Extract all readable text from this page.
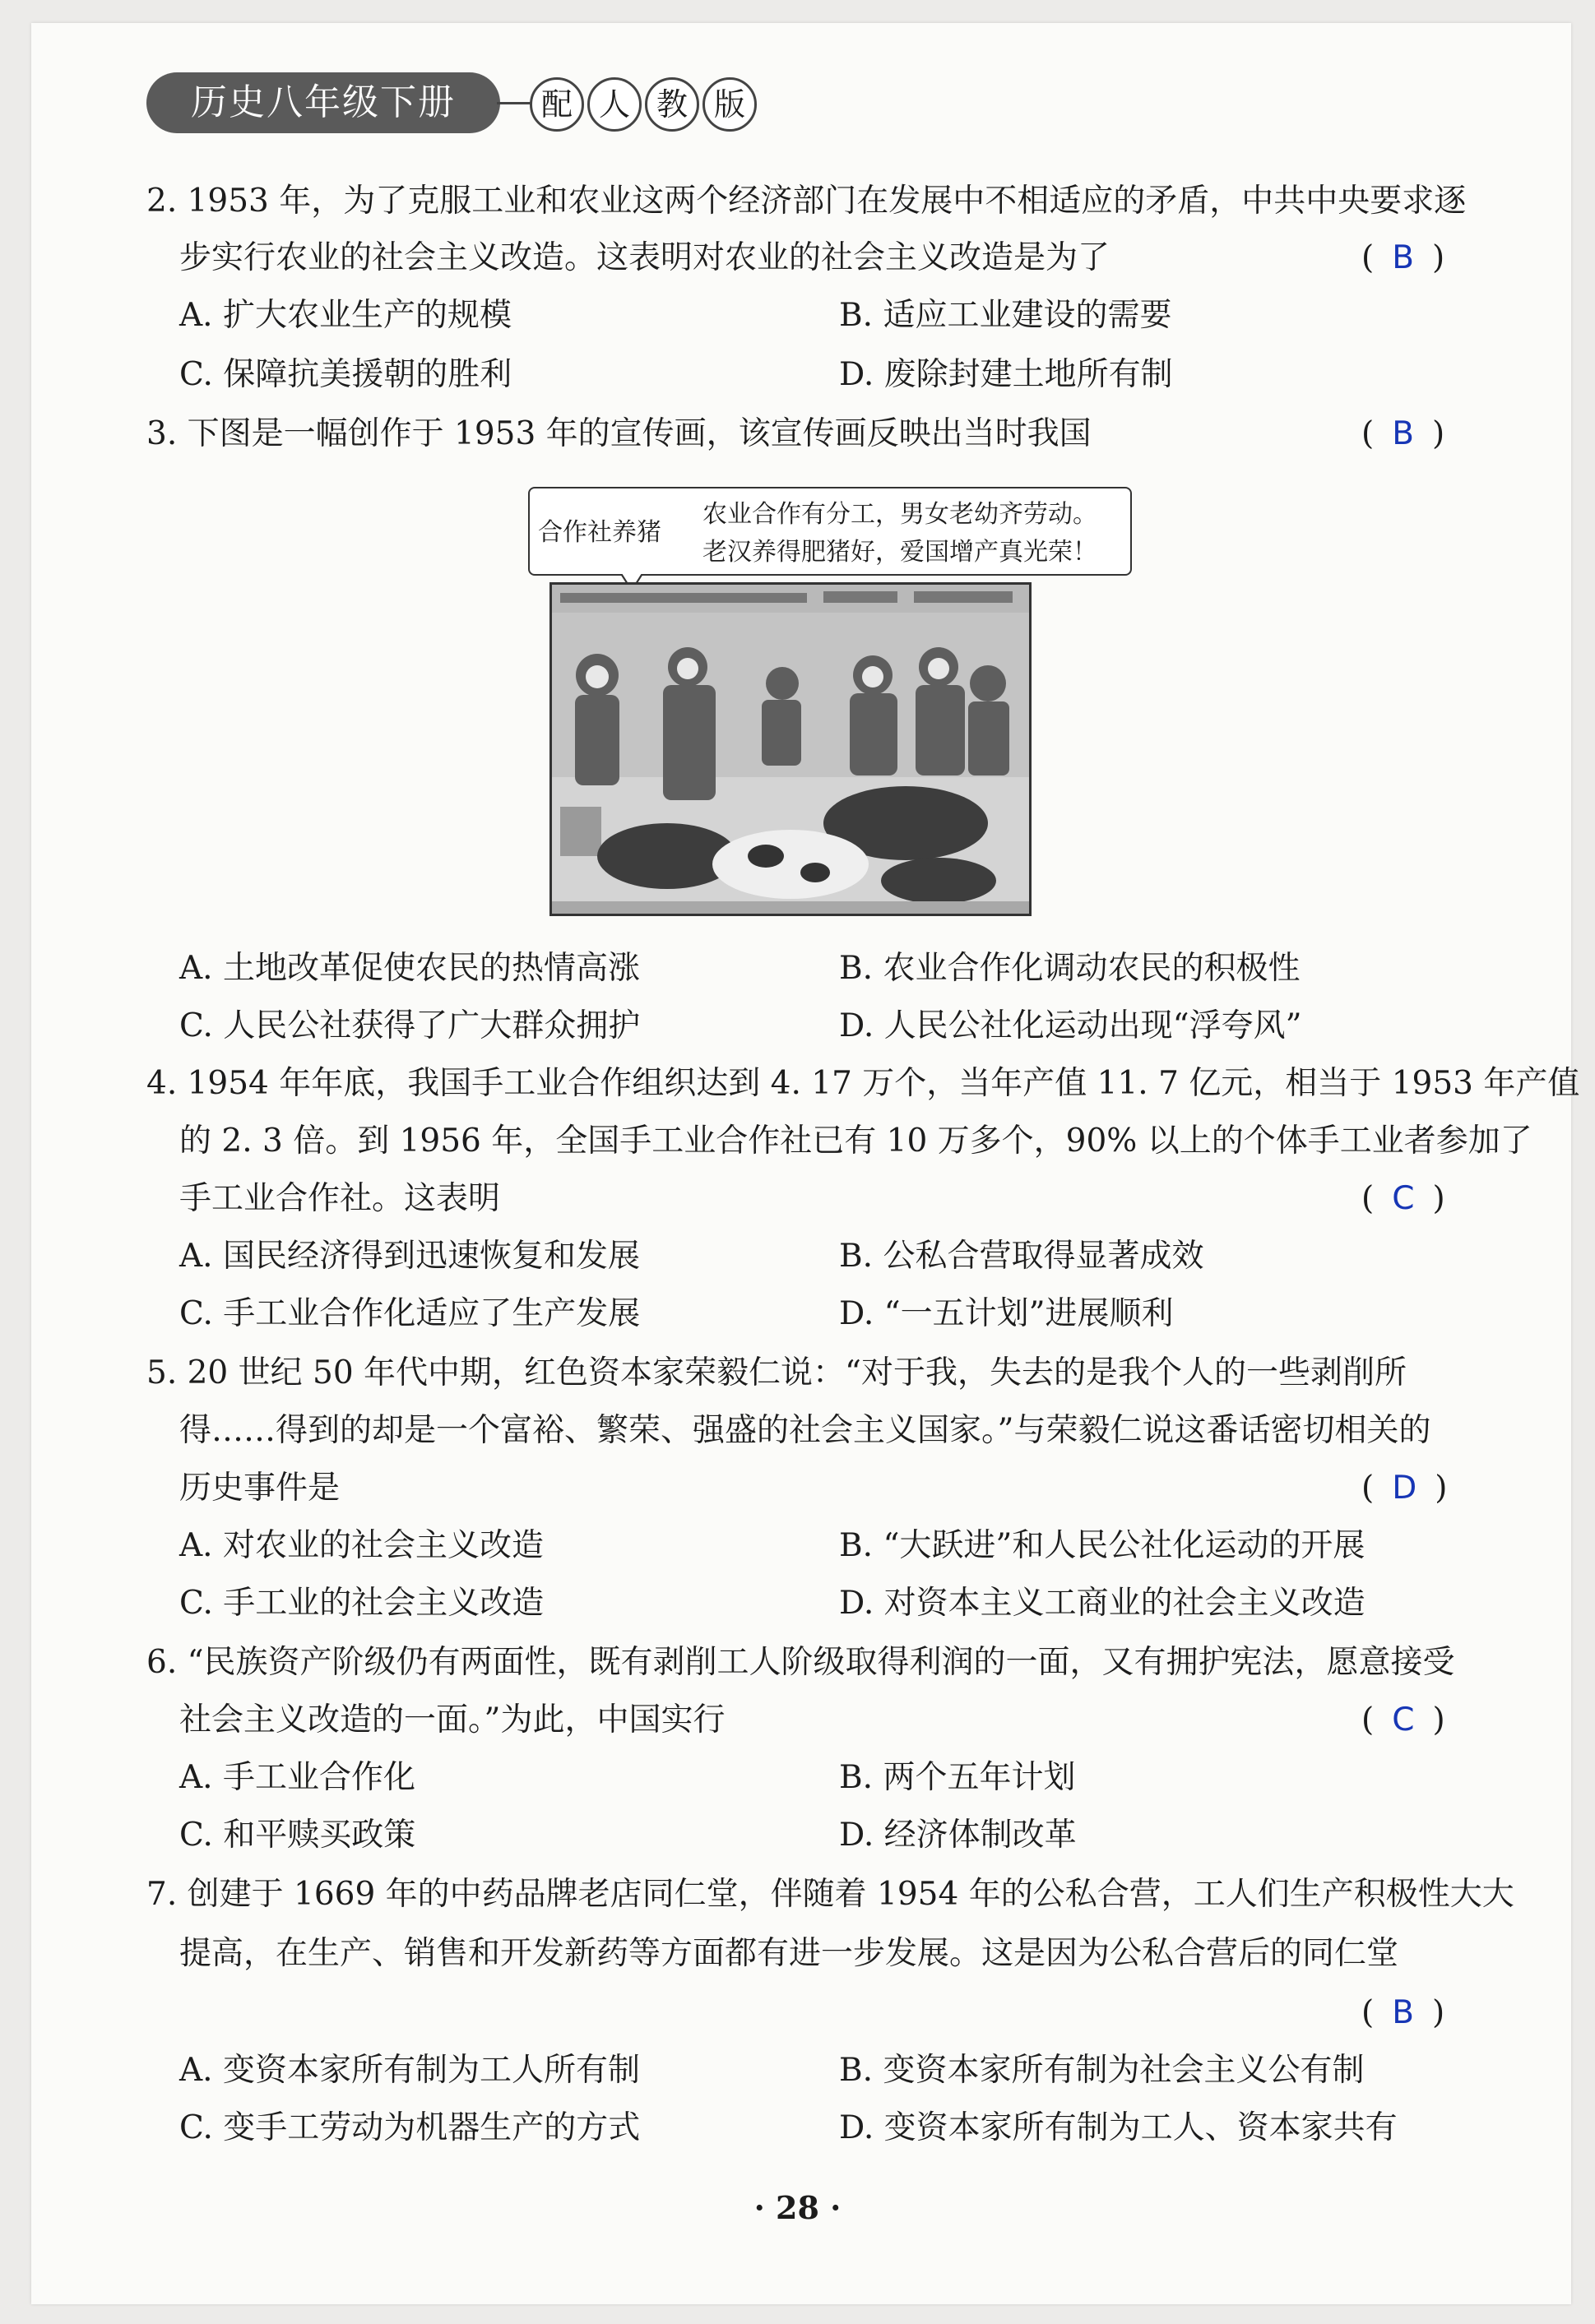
历史八年级下册	配 人 教 版
2. 1953 年，为了克服工业和农业这两个经济部门在发展中不相适应的矛盾，中共中央要求逐
步实行农业的社会主义改造。这表明对农业的社会主义改造是为了	( B )
A. 扩大农业生产的规模	B. 适应工业建设的需要
C. 保障抗美援朝的胜利	D. 废除封建土地所有制
3. 下图是一幅创作于 1953 年的宣传画，该宣传画反映出当时我国	( B )
合作社养猪
农业合作有分工，男女老幼齐劳动。
老汉养得肥猪好，爱国增产真光荣！
A. 土地改革促使农民的热情高涨	B. 农业合作化调动农民的积极性
C. 人民公社获得了广大群众拥护	D. 人民公社化运动出现“浮夸风”
4. 1954 年年底，我国手工业合作组织达到 4. 17 万个，当年产值 11. 7 亿元，相当于 1953 年产值
的 2. 3 倍。到 1956 年，全国手工业合作社已有 10 万多个，90% 以上的个体手工业者参加了
手工业合作社。这表明	( C )
A. 国民经济得到迅速恢复和发展	B. 公私合营取得显著成效
C. 手工业合作化适应了生产发展	D. “一五计划”进展顺利
5. 20 世纪 50 年代中期，红色资本家荣毅仁说：“对于我，失去的是我个人的一些剥削所
得……得到的却是一个富裕、繁荣、强盛的社会主义国家。”与荣毅仁说这番话密切相关的
历史事件是	( D )
A. 对农业的社会主义改造	B. “大跃进”和人民公社化运动的开展
C. 手工业的社会主义改造	D. 对资本主义工商业的社会主义改造
6. “民族资产阶级仍有两面性，既有剥削工人阶级取得利润的一面，又有拥护宪法，愿意接受
社会主义改造的一面。”为此，中国实行	( C )
A. 手工业合作化	B. 两个五年计划
C. 和平赎买政策	D. 经济体制改革
7. 创建于 1669 年的中药品牌老店同仁堂，伴随着 1954 年的公私合营，工人们生产积极性大大
提高，在生产、销售和开发新药等方面都有进一步发展。这是因为公私合营后的同仁堂
( B )
A. 变资本家所有制为工人所有制	B. 变资本家所有制为社会主义公有制
C. 变手工劳动为机器生产的方式	D. 变资本家所有制为工人、资本家共有
· 28 ·
